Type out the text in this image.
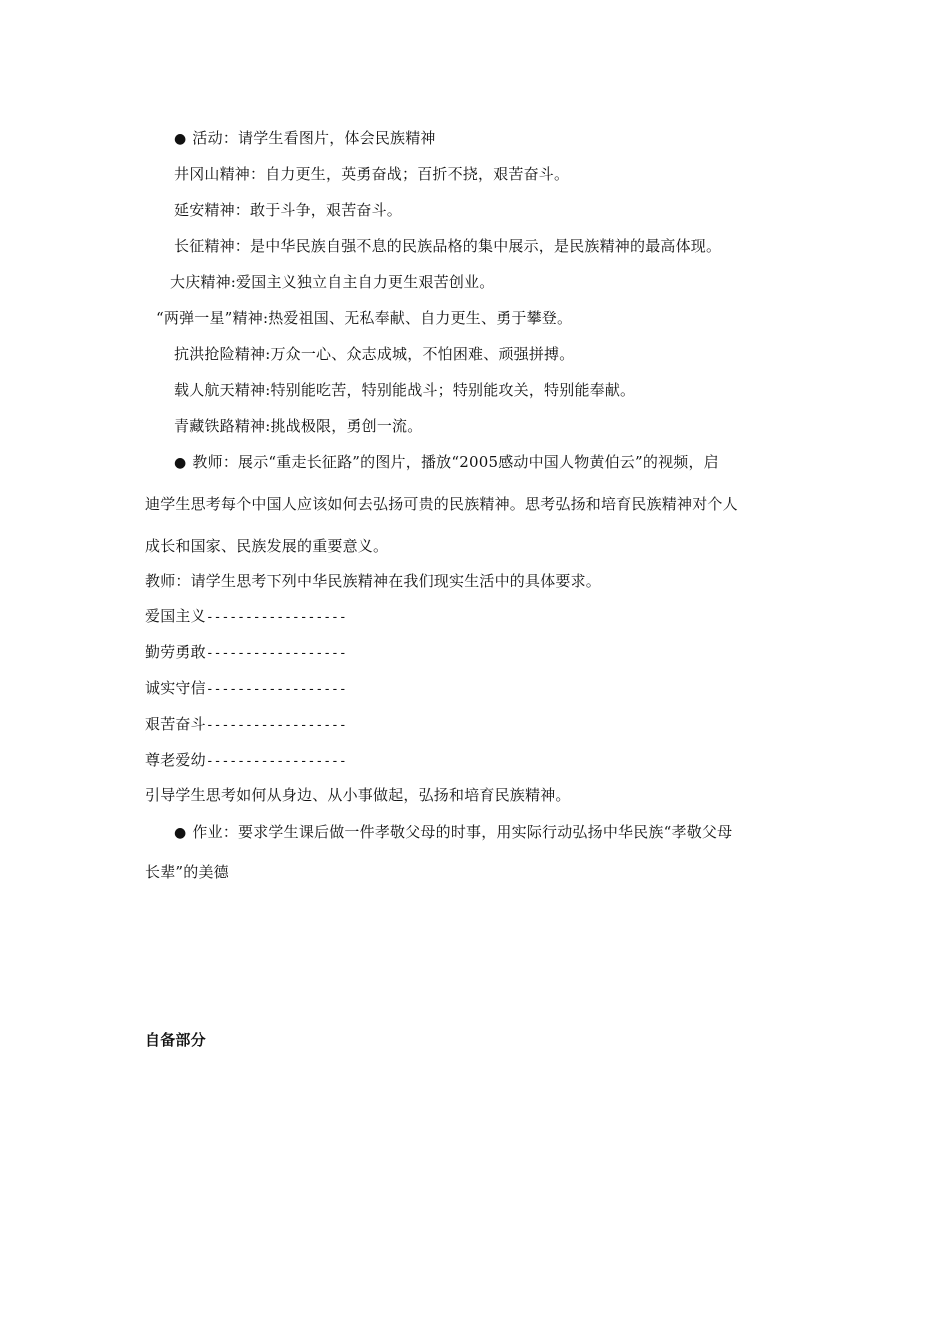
● 活动：请学生看图片，体会民族精神
井冈山精神：自力更生，英勇奋战；百折不挠，艰苦奋斗。
延安精神：敢于斗争，艰苦奋斗。
长征精神：是中华民族自强不息的民族品格的集中展示，是民族精神的最高体现。
大庆精神:爱国主义独立自主自力更生艰苦创业。
“两弹一星”精神:热爱祖国、无私奉献、自力更生、勇于攀登。
抗洪抢险精神:万众一心、众志成城，不怕困难、顽强拼搏。
载人航天精神:特别能吃苦，特别能战斗；特别能攻关，特别能奉献。
青藏铁路精神:挑战极限，勇创一流。
● 教师：展示“重走长征路”的图片，播放“2005感动中国人物黄伯云”的视频，启
迪学生思考每个中国人应该如何去弘扬可贵的民族精神。思考弘扬和培育民族精神对个人
成长和国家、民族发展的重要意义。
教师：请学生思考下列中华民族精神在我们现实生活中的具体要求。
爱国主义------------------
勤劳勇敢------------------
诚实守信------------------
艰苦奋斗------------------
尊老爱幼------------------
引导学生思考如何从身边、从小事做起，弘扬和培育民族精神。
● 作业：要求学生课后做一件孝敬父母的时事，用实际行动弘扬中华民族“孝敬父母
长辈”的美德
自备部分
